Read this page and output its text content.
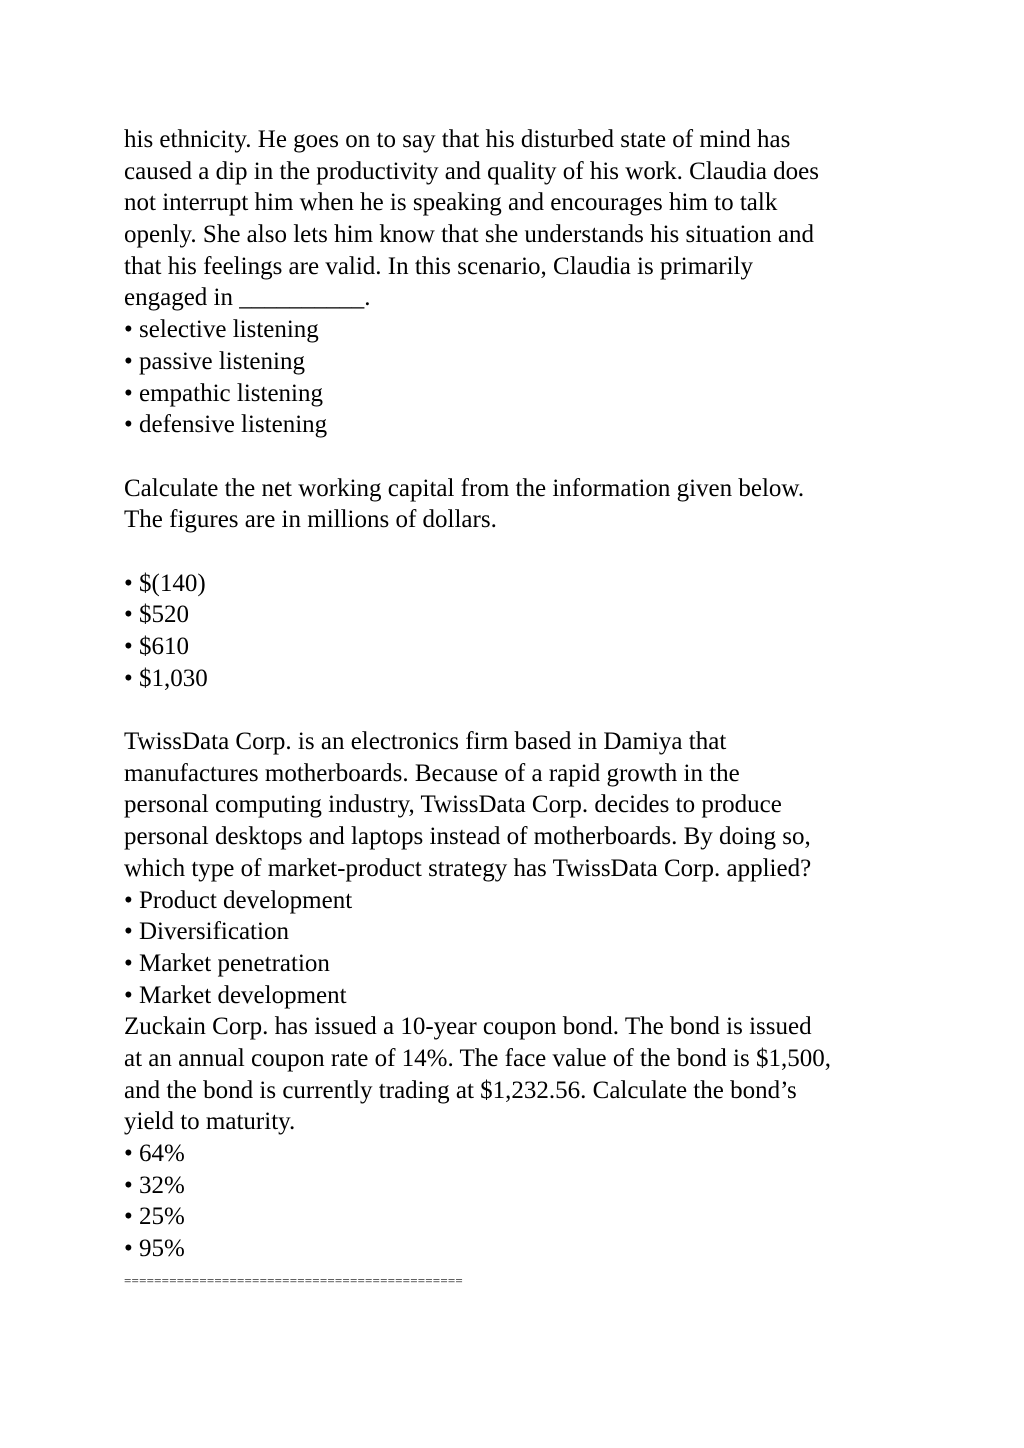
his ethnicity. He goes on to say that his disturbed state of mind has

caused a dip in the productivity and quality of his work. Claudia does

not interrupt him when he is speaking and encourages him to talk

openly. She also lets him know that she understands his situation and

that his feelings are valid. In this scenario, Claudia is primarily

engaged in __________.

• selective listening

• passive listening

• empathic listening

• defensive listening

Calculate the net working capital from the information given below.

The figures are in millions of dollars.

• $(140)

• $520

• $610

• $1,030

TwissData Corp. is an electronics firm based in Damiya that

manufactures motherboards. Because of a rapid growth in the

personal computing industry, TwissData Corp. decides to produce

personal desktops and laptops instead of motherboards. By doing so,

which type of market-product strategy has TwissData Corp. applied?

• Product development

• Diversification

• Market penetration

• Market development

Zuckain Corp. has issued a 10-year coupon bond. The bond is issued

at an annual coupon rate of 14%. The face value of the bond is $1,500,

and the bond is currently trading at $1,232.56. Calculate the bond’s

yield to maturity.

• 64%

• 32%

• 25%

• 95%

=============================================
